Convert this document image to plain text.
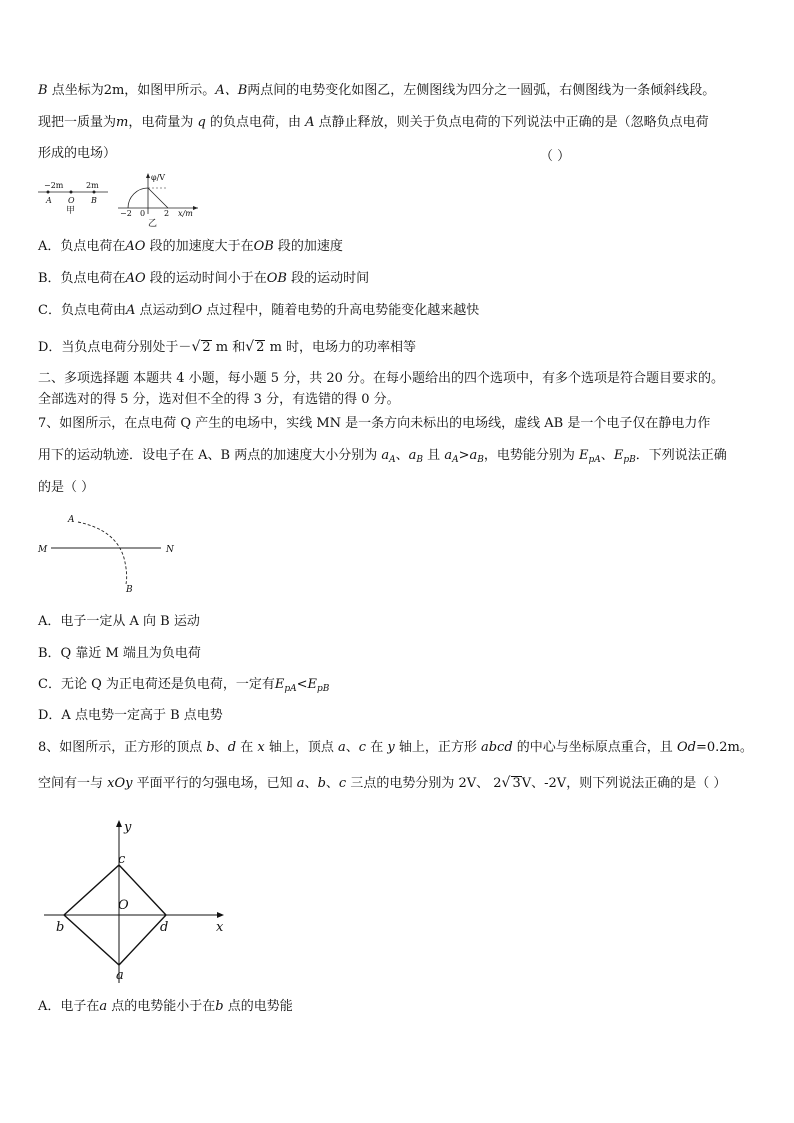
B 点坐标为2m，如图甲所示。A、B两点间的电势变化如图乙，左侧图线为四分之一圆弧，右侧图线为一条倾斜线段。
现把一质量为m，电荷量为 q 的负点电荷，由 A 点静止释放，则关于负点电荷的下列说法中正确的是（忽略负点电荷
形成的电场）	（ ）
−2m	2m
A O B
甲
φ/V
x/m
−2 0 2
乙
A．负点电荷在AO 段的加速度大于在OB 段的加速度
B．负点电荷在AO 段的运动时间小于在OB 段的运动时间
C．负点电荷由A 点运动到O 点过程中，随着电势的升高电势能变化越来越快
D．当负点电荷分别处于－√ 2 m 和√ 2 m 时，电场力的功率相等
二、多项选择题 本题共 4 小题，每小题 5 分，共 20 分。在每小题给出的四个选项中，有多个选项是符合题目要求的。
全部选对的得 5 分，选对但不全的得 3 分，有选错的得 0 分。
7、如图所示，在点电荷 Q 产生的电场中，实线 MN 是一条方向未标出的电场线，虚线 AB 是一个电子仅在静电力作
用下的运动轨迹．设电子在 A、B 两点的加速度大小分别为 $a_A$、$a_B$ 且 $a_A>a_B$，电势能分别为 $E_{pA}$、$E_{pB}$．下列说法正确
的是（ ）
M	N
A
B
A．电子一定从 A 向 B 运动
B．Q 靠近 M 端且为负电荷
C．无论 Q 为正电荷还是负电荷，一定有$E_{pA}<E_{pB}$
D．A 点电势一定高于 B 点电势
8、如图所示，正方形的顶点 b、d 在 x 轴上，顶点 a、c 在 y 轴上，正方形 abcd 的中心与坐标原点重合，且 Od=0.2m。
空间有一与 xOy 平面平行的匀强电场，已知 a、b、c 三点的电势分别为 2V、 2√ 3V、-2V，则下列说法正确的是（ ）
y
x
c
O
b	d
a
A．电子在a 点的电势能小于在b 点的电势能
